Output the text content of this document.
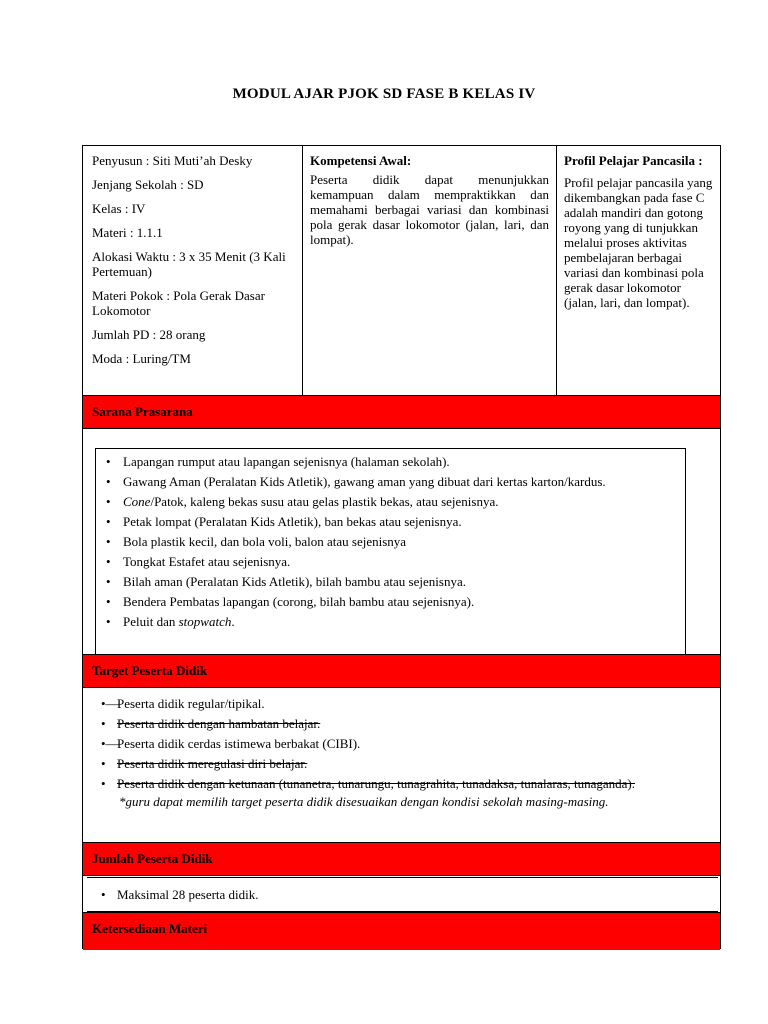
MODUL AJAR PJOK SD FASE B KELAS IV
Penyusun : Siti Muti’ah Desky
Jenjang Sekolah : SD
Kelas : IV
Materi : 1.1.1
Alokasi Waktu : 3 x 35 Menit (3 Kali Pertemuan)
Materi Pokok : Pola Gerak Dasar Lokomotor
Jumlah PD : 28 orang
Moda : Luring/TM
Kompetensi Awal:
Peserta didik dapat menunjukkan kemampuan dalam mempraktikkan dan memahami berbagai variasi dan kombinasi pola gerak dasar lokomotor (jalan, lari, dan lompat).
Profil Pelajar Pancasila :
Profil pelajar pancasila yang dikembangkan pada fase C adalah mandiri dan gotong royong yang di tunjukkan melalui proses aktivitas pembelajaran berbagai variasi dan kombinasi pola gerak dasar lokomotor (jalan, lari, dan lompat).
Sarana Prasarana
Target Peserta Didik
•— Peserta didik regular/tipikal.
• Peserta didik dengan hambatan belajar.
•— Peserta didik cerdas istimewa berbakat (CIBI).
• Peserta didik meregulasi diri belajar.
• Peserta didik dengan ketunaan (tunanetra, tunarungu, tunagrahita, tunadaksa, tunalaras, tunaganda).
*guru dapat memilih target peserta didik disesuaikan dengan kondisi sekolah masing-masing.
Jumlah Peserta Didik
• Maksimal 28 peserta didik.
Ketersediaan Materi
• Lapangan rumput atau lapangan sejenisnya (halaman sekolah).
• Gawang Aman (Peralatan Kids Atletik), gawang aman yang dibuat dari kertas karton/kardus.
• Cone/Patok, kaleng bekas susu atau gelas plastik bekas, atau sejenisnya.
• Petak lompat (Peralatan Kids Atletik), ban bekas atau sejenisnya.
• Bola plastik kecil, dan bola voli, balon atau sejenisnya
• Tongkat Estafet atau sejenisnya.
• Bilah aman (Peralatan Kids Atletik), bilah bambu atau sejenisnya.
• Bendera Pembatas lapangan (corong, bilah bambu atau sejenisnya).
• Peluit dan stopwatch.
